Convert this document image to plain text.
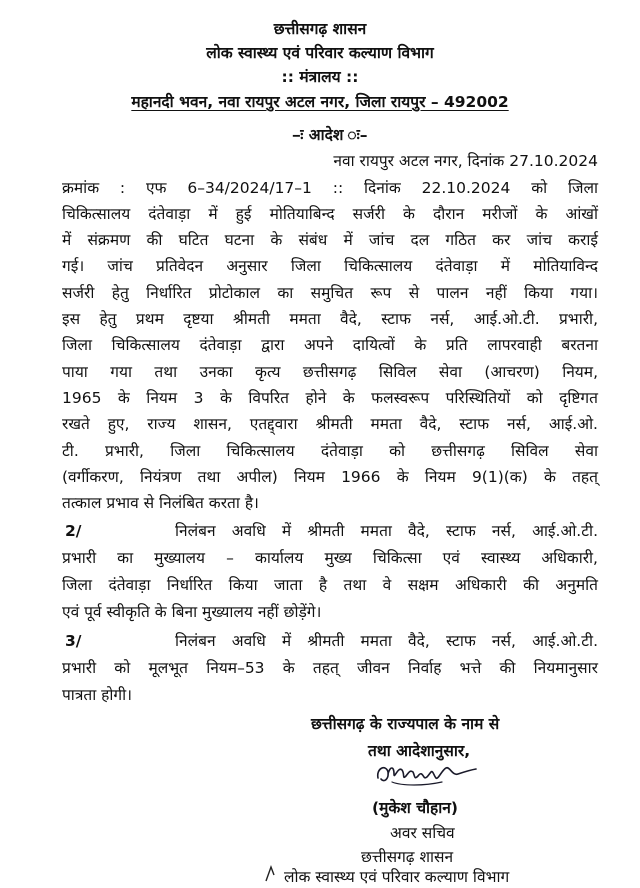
छत्तीसगढ़ शासन
लोक स्वास्थ्य एवं परिवार कल्याण विभाग
:: मंत्रालय ::
महानदी भवन, नवा रायपुर अटल नगर, जिला रायपुर – 492002
–ः आदेश ः–
नवा रायपुर अटल नगर, दिनांक 27.10.2024
क्रमांक : एफ 6–34/2024/17–1 :: दिनांक 22.10.2024 को जिला
चिकित्सालय दंतेवाड़ा में हुई मोतियाबिन्द सर्जरी के दौरान मरीजों के आंखों
में संक्रमण की घटित घटना के संबंध में जांच दल गठित कर जांच कराई
गई। जांच प्रतिवेदन अनुसार जिला चिकित्सालय दंतेवाड़ा में मोतियाविन्द
सर्जरी हेतु निर्धारित प्रोटोकाल का समुचित रूप से पालन नहीं किया गया।
इस हेतु प्रथम दृष्टया श्रीमती ममता वैदे, स्टाफ नर्स, आई.ओ.टी. प्रभारी,
जिला चिकित्सालय दंतेवाड़ा द्वारा अपने दायित्वों के प्रति लापरवाही बरतना
पाया गया तथा उनका कृत्य छत्तीसगढ़ सिविल सेवा (आचरण) नियम,
1965 के नियम 3 के विपरित होने के फलस्वरूप परिस्थितियों को दृष्टिगत
रखते हुए, राज्य शासन, एतद्द्वारा श्रीमती ममता वैदे, स्टाफ नर्स, आई.ओ.
टी. प्रभारी, जिला चिकित्सालय दंतेवाड़ा को छत्तीसगढ़ सिविल सेवा
(वर्गीकरण, नियंत्रण तथा अपील) नियम 1966 के नियम 9(1)(क) के तहत्
तत्काल प्रभाव से निलंबित करता है।
2/	निलंबन अवधि में श्रीमती ममता वैदे, स्टाफ नर्स, आई.ओ.टी.
प्रभारी का मुख्यालय – कार्यालय मुख्य चिकित्सा एवं स्वास्थ्य अधिकारी,
जिला दंतेवाड़ा निर्धारित किया जाता है तथा वे सक्षम अधिकारी की अनुमति
एवं पूर्व स्वीकृति के बिना मुख्यालय नहीं छोड़ेंगे।
3/	निलंबन अवधि में श्रीमती ममता वैदे, स्टाफ नर्स, आई.ओ.टी.
प्रभारी को मूलभूत नियम–53 के तहत् जीवन निर्वाह भत्ते की नियमानुसार
पात्रता होगी।
छत्तीसगढ़ के राज्यपाल के नाम से
तथा आदेशानुसार,
(मुकेश चौहान)
अवर सचिव
छत्तीसगढ़ शासन
लोक स्वास्थ्य एवं परिवार कल्याण विभाग
